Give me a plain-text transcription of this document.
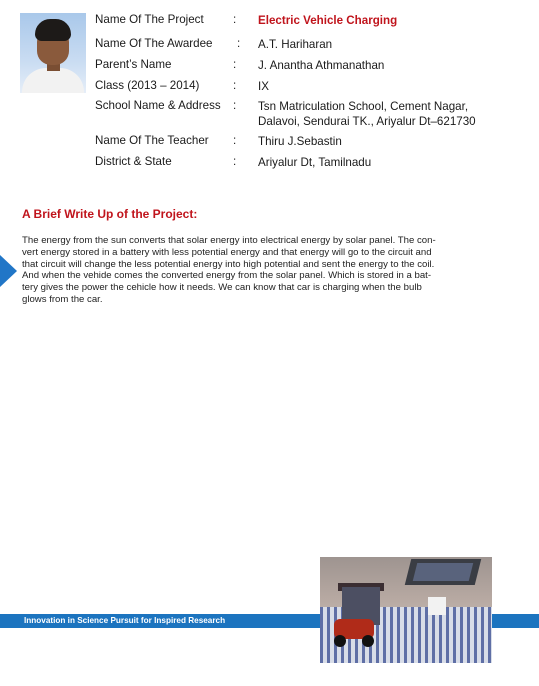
Name Of The Project	: Electric Vehicle Charging
Name Of The Awardee : A.T. Hariharan
Parent’s Name	: J. Anantha Athmanathan
Class (2013 – 2014)	: IX
School Name & Address : Tsn Matriculation School, Cement Nagar,
Dalavoi, Sendurai TK., Ariyalur Dt–621730
Name Of The Teacher : Thiru J.Sebastin
District & State	: Ariyalur Dt, Tamilnadu
A Brief Write Up of the Project:
The energy from the sun converts that solar energy into electrical energy by solar panel. The con-
vert energy stored in a battery with less potential energy and that energy will go to the circuit and
that circuit will change the less potential energy into high potential and sent the energy to the coil.
And when the vehide comes the converted energy from the solar panel. Which is stored in a bat-
tery gives the power the cehicle how it needs. We can know that car is charging when the bulb
glows from the car.
Innovation in Science Pursuit for Inspired Research
